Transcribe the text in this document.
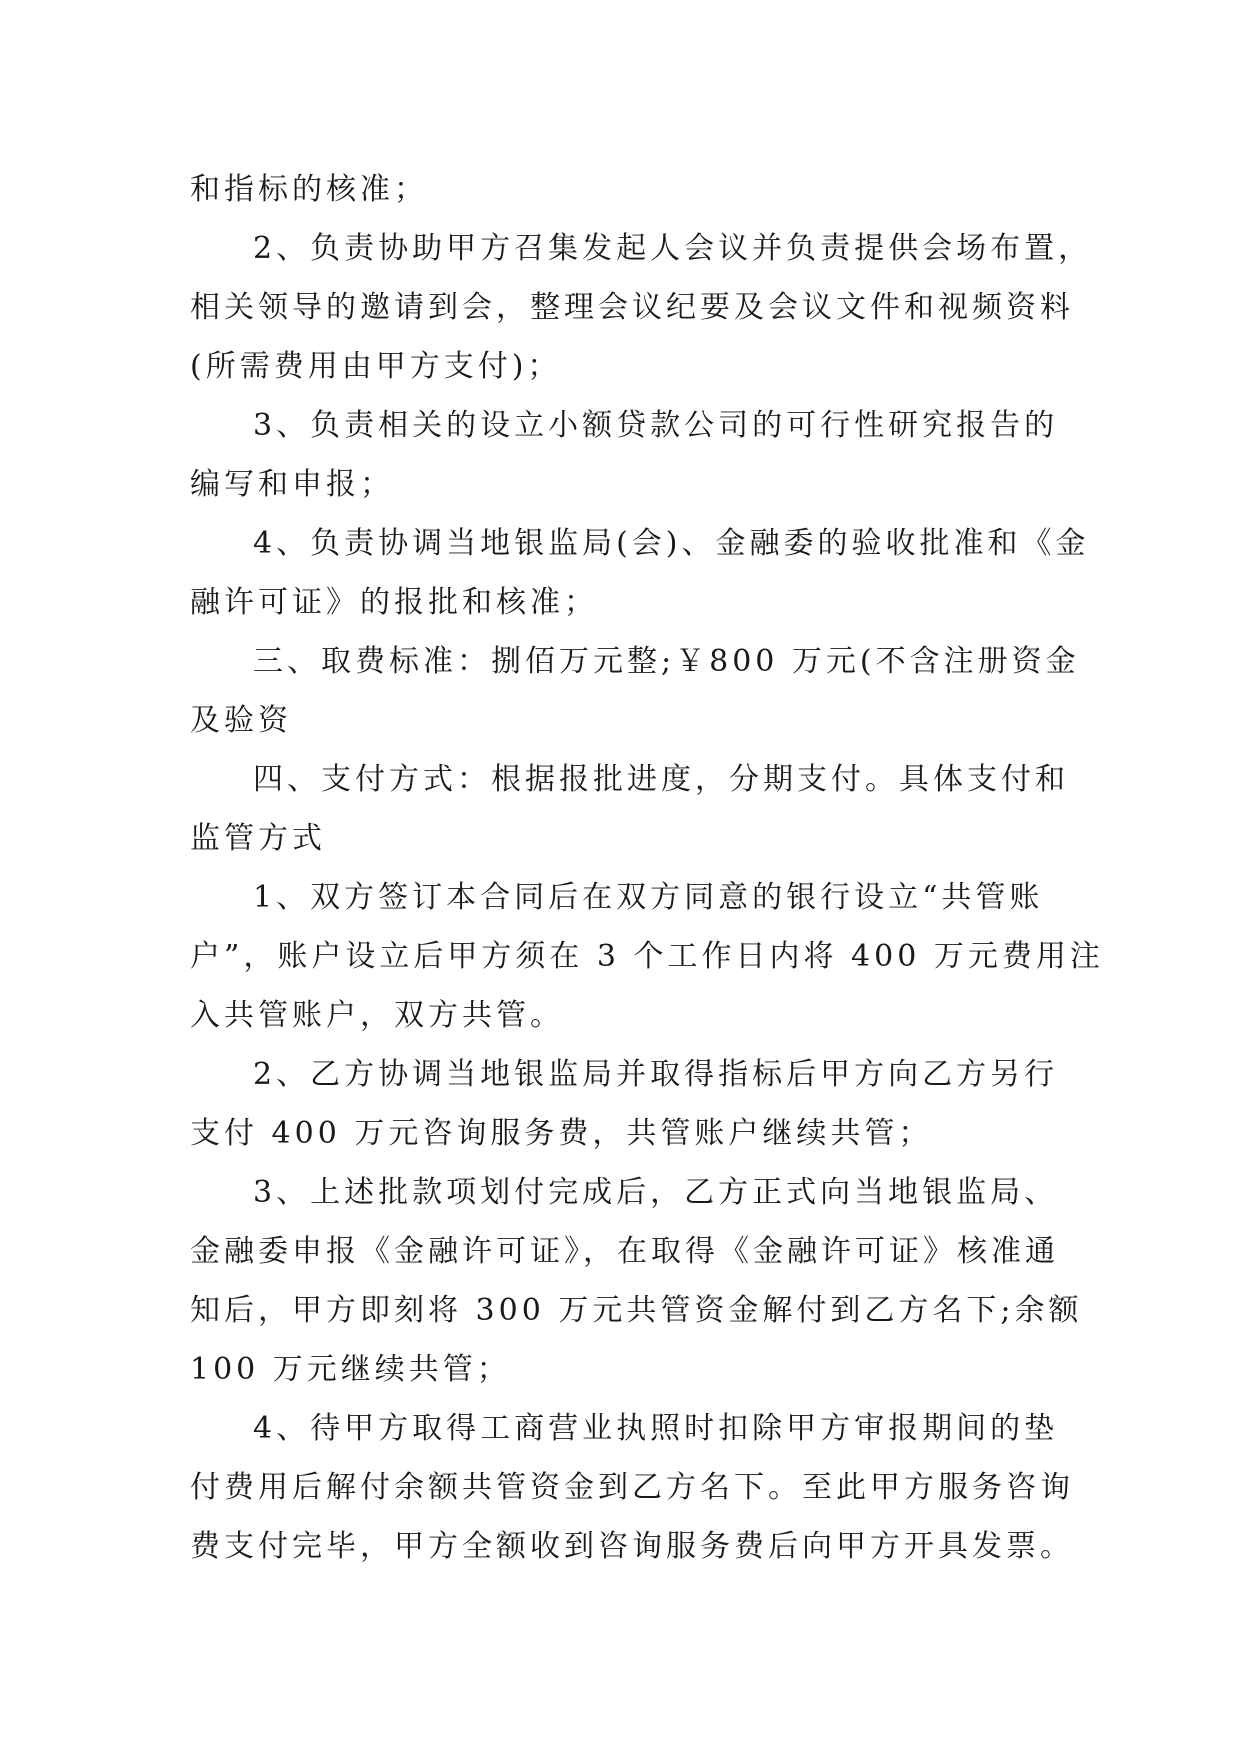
和指标的核准；
2、负责协助甲方召集发起人会议并负责提供会场布置，
相关领导的邀请到会，整理会议纪要及会议文件和视频资料
(所需费用由甲方支付)；
3、负责相关的设立小额贷款公司的可行性研究报告的
编写和申报；
4、负责协调当地银监局(会)、金融委的验收批准和《金
融许可证》的报批和核准；
三、取费标准：捌佰万元整;￥800 万元(不含注册资金
及验资
四、支付方式：根据报批进度，分期支付。具体支付和
监管方式
1、双方签订本合同后在双方同意的银行设立“共管账
户”，账户设立后甲方须在 3 个工作日内将 400 万元费用注
入共管账户，双方共管。
2、乙方协调当地银监局并取得指标后甲方向乙方另行
支付 400 万元咨询服务费，共管账户继续共管；
3、上述批款项划付完成后，乙方正式向当地银监局、
金融委申报《金融许可证》，在取得《金融许可证》核准通
知后，甲方即刻将 300 万元共管资金解付到乙方名下;余额
100 万元继续共管；
4、待甲方取得工商营业执照时扣除甲方审报期间的垫
付费用后解付余额共管资金到乙方名下。至此甲方服务咨询
费支付完毕，甲方全额收到咨询服务费后向甲方开具发票。
